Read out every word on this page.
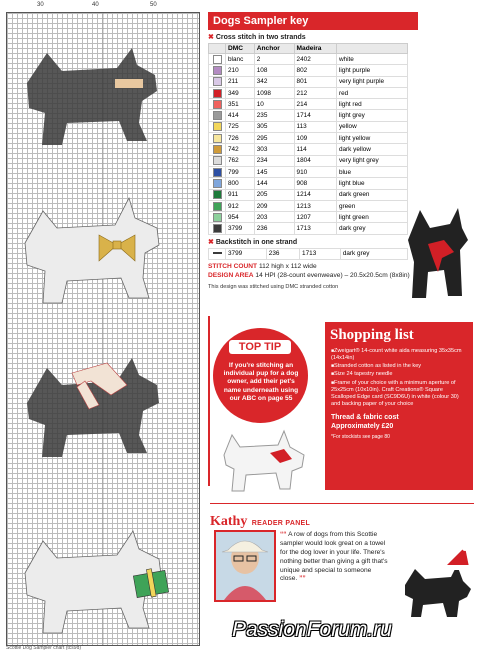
30	40	50
Scottie Dog Sampler chart (tcs9d)
Dogs Sampler key
✖ Cross stitch in two strands
	DMC	Anchor	Madeira	
	blanc	2	2402	white
	210	108	802	light purple
	211	342	801	very light purple
	349	1098	212	red
	351	10	214	light red
	414	235	1714	light grey
	725	305	113	yellow
	726	295	109	light yellow
	742	303	114	dark yellow
	762	234	1804	very light grey
	799	145	910	blue
	800	144	908	light blue
	911	205	1214	dark green
	912	209	1213	green
	954	203	1207	light green
	3799	236	1713	dark grey
✖ Backstitch in one strand
	3799	236	1713	dark grey
STITCH COUNT 112 high x 112 wide
DESIGN AREA 14 HPI (28-count evenweave) – 20.5x20.5cm (8x8in)
This design was stitched using DMC stranded cotton
TOP TIP
If you're stitching an individual pup for a dog owner, add their pet's name underneath using our ABC on page 55
Shopping list
■ Zweigart® 14-count white aida measuring 35x35cm (14x14in)
■ Stranded cotton as listed in the key
■ Size 24 tapestry needle
■ Frame of your choice with a minimum aperture of 25x25cm (10x10in). Craft Creations® Square Scalloped Edge card (SC9D6U) in white (colour 30) and backing paper of your choice
Thread & fabric cost
Approximately £20
*For stockists see page 80
Kathy READER PANEL
““ A row of dogs from this Scottie sampler would look great on a towel for the dog lover in your life. There's nothing better than giving a gift that's unique and special to someone close. ””
PassionForum.ru
